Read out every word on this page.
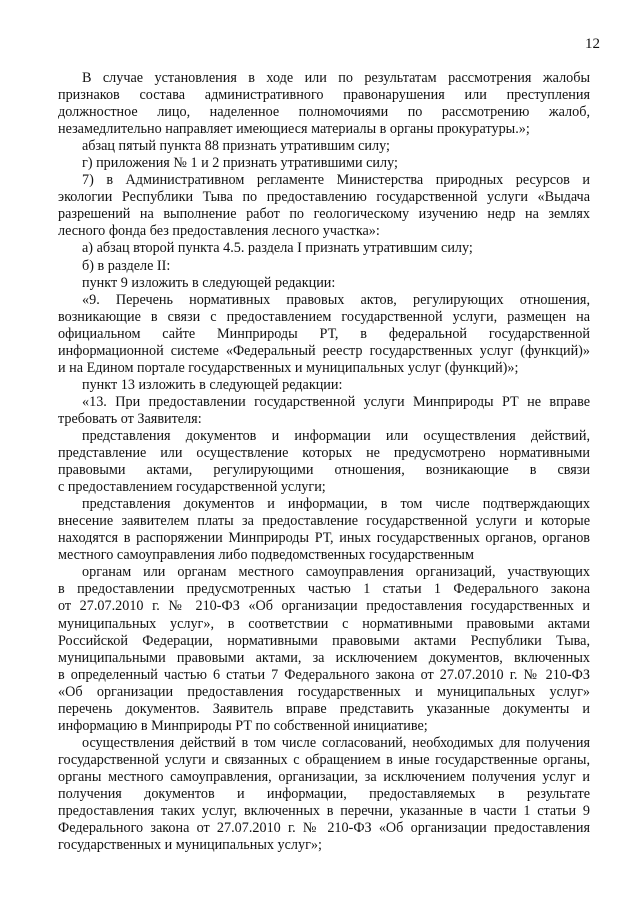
12
В случае установления в ходе или по результатам рассмотрения жалобы
признаков состава административного правонарушения или преступления
должностное лицо, наделенное полномочиями по рассмотрению жалоб,
незамедлительно направляет имеющиеся материалы в органы прокуратуры.»;
абзац пятый пункта 88 признать утратившим силу;
г) приложения № 1 и 2 признать утратившими силу;
7) в Административном регламенте Министерства природных ресурсов и
экологии Республики Тыва по предоставлению государственной услуги «Выдача
разрешений на выполнение работ по геологическому изучению недр на землях
лесного фонда без предоставления лесного участка»:
а) абзац второй пункта 4.5. раздела I признать утратившим силу;
б) в разделе II:
пункт 9 изложить в следующей редакции:
«9. Перечень нормативных правовых актов, регулирующих отношения,
возникающие в связи с предоставлением государственной услуги, размещен на
официальном сайте Минприроды РТ, в федеральной государственной
информационной системе «Федеральный реестр государственных услуг (функций)»
и на Едином портале государственных и муниципальных услуг (функций)»;
пункт 13 изложить в следующей редакции:
«13. При предоставлении государственной услуги Минприроды РТ не вправе
требовать от Заявителя:
представления документов и информации или осуществления действий,
представление или осуществление которых не предусмотрено нормативными
правовыми актами, регулирующими отношения, возникающие в связи
с предоставлением государственной услуги;
представления документов и информации, в том числе подтверждающих
внесение заявителем платы за предоставление государственной услуги и которые
находятся в распоряжении Минприроды РТ, иных государственных органов, органов
местного самоуправления либо подведомственных государственным
органам или органам местного самоуправления организаций, участвующих
в предоставлении предусмотренных частью 1 статьи 1 Федерального закона
от 27.07.2010 г. № 210-ФЗ «Об организации предоставления государственных и
муниципальных услуг», в соответствии с нормативными правовыми актами
Российской Федерации, нормативными правовыми актами Республики Тыва,
муниципальными правовыми актами, за исключением документов, включенных
в определенный частью 6 статьи 7 Федерального закона от 27.07.2010 г. № 210-ФЗ
«Об организации предоставления государственных и муниципальных услуг»
перечень документов. Заявитель вправе представить указанные документы и
информацию в Минприроды РТ по собственной инициативе;
осуществления действий в том числе согласований, необходимых для получения
государственной услуги и связанных с обращением в иные государственные органы,
органы местного самоуправления, организации, за исключением получения услуг и
получения документов и информации, предоставляемых в результате
предоставления таких услуг, включенных в перечни, указанные в части 1 статьи 9
Федерального закона от 27.07.2010 г. № 210-ФЗ «Об организации предоставления
государственных и муниципальных услуг»;
